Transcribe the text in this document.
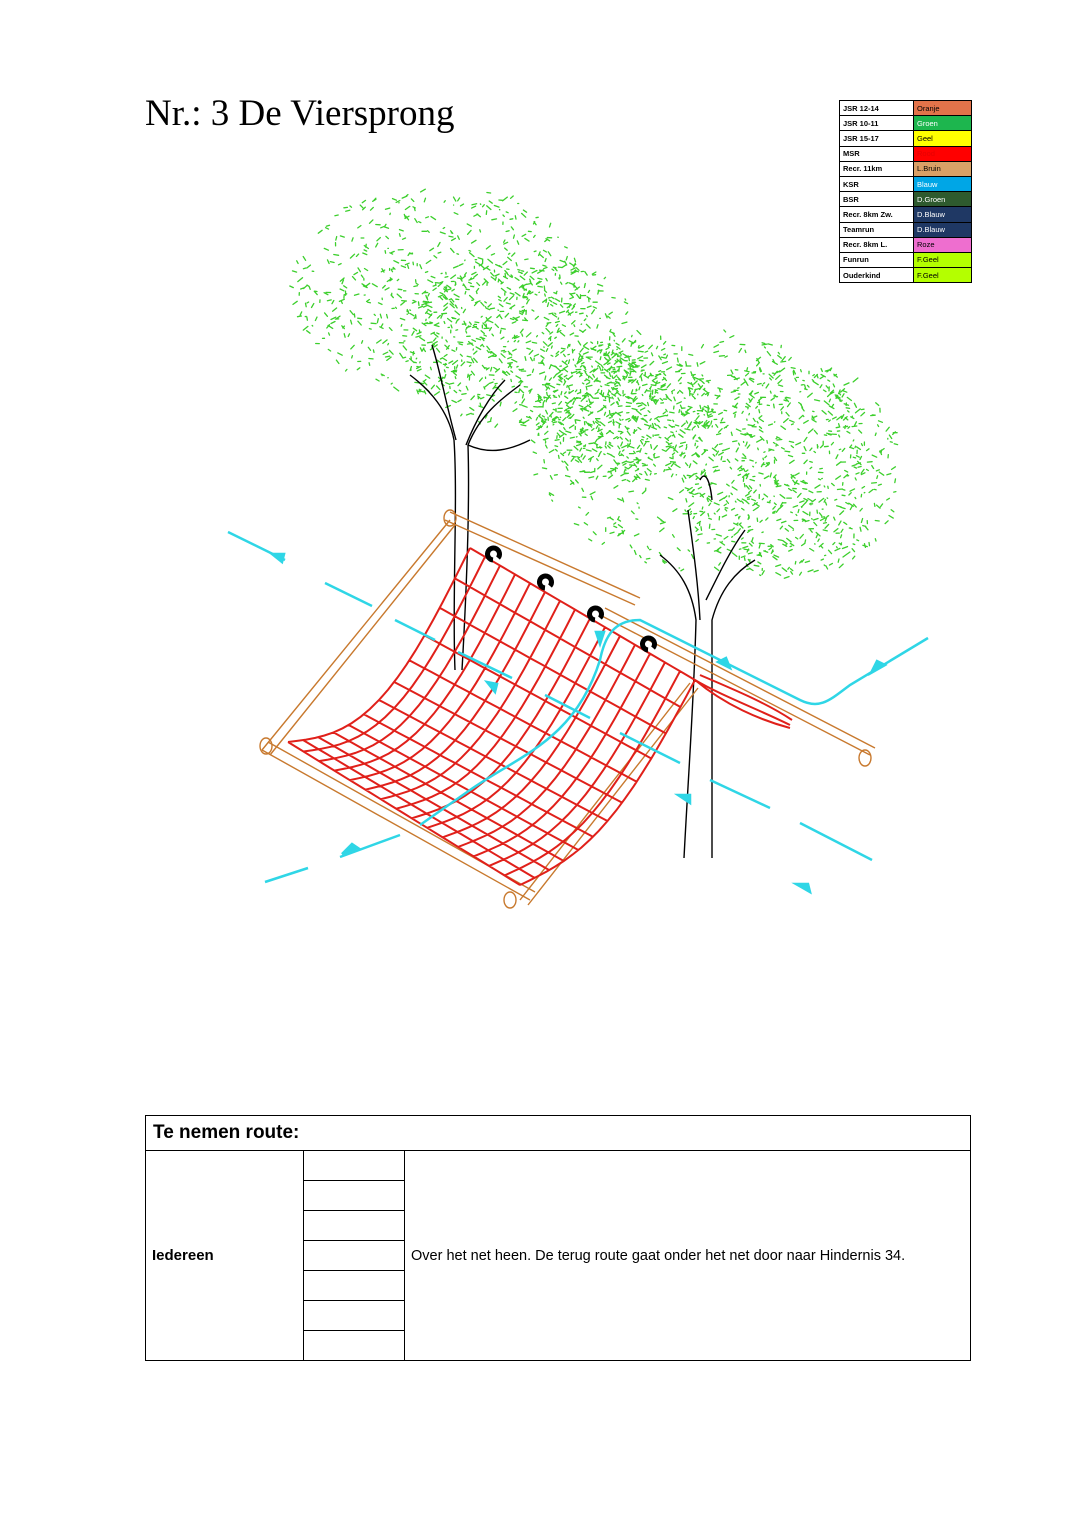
Nr.: 3 De Viersprong	JSR 12-14	Oranje
JSR 10-11	Groen
JSR 15-17	Geel
MSR	Rood
Recr. 11km	L.Bruin
KSR	Blauw
BSR	D.Groen
Recr. 8km Zw.	D.Blauw
Teamrun	D.Blauw
Recr. 8km L.	Roze
Funrun	F.Geel
Ouderkind	F.Geel
Te nemen route:
Iedereen		Over het net heen. De terug route gaat onder het net door naar Hindernis 34.
